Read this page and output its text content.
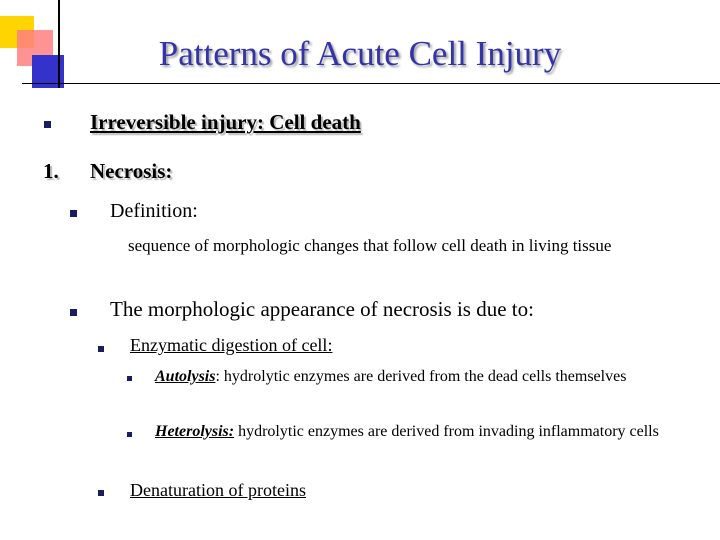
Patterns of Acute Cell Injury
Irreversible injury: Cell death
1. Necrosis:
Definition:
sequence of morphologic changes that follow cell death in living tissue
The morphologic appearance of necrosis is due to:
Enzymatic digestion of cell:
Autolysis: hydrolytic enzymes are derived from the dead cells themselves
Heterolysis: hydrolytic enzymes are derived from invading inflammatory cells
Denaturation of proteins
